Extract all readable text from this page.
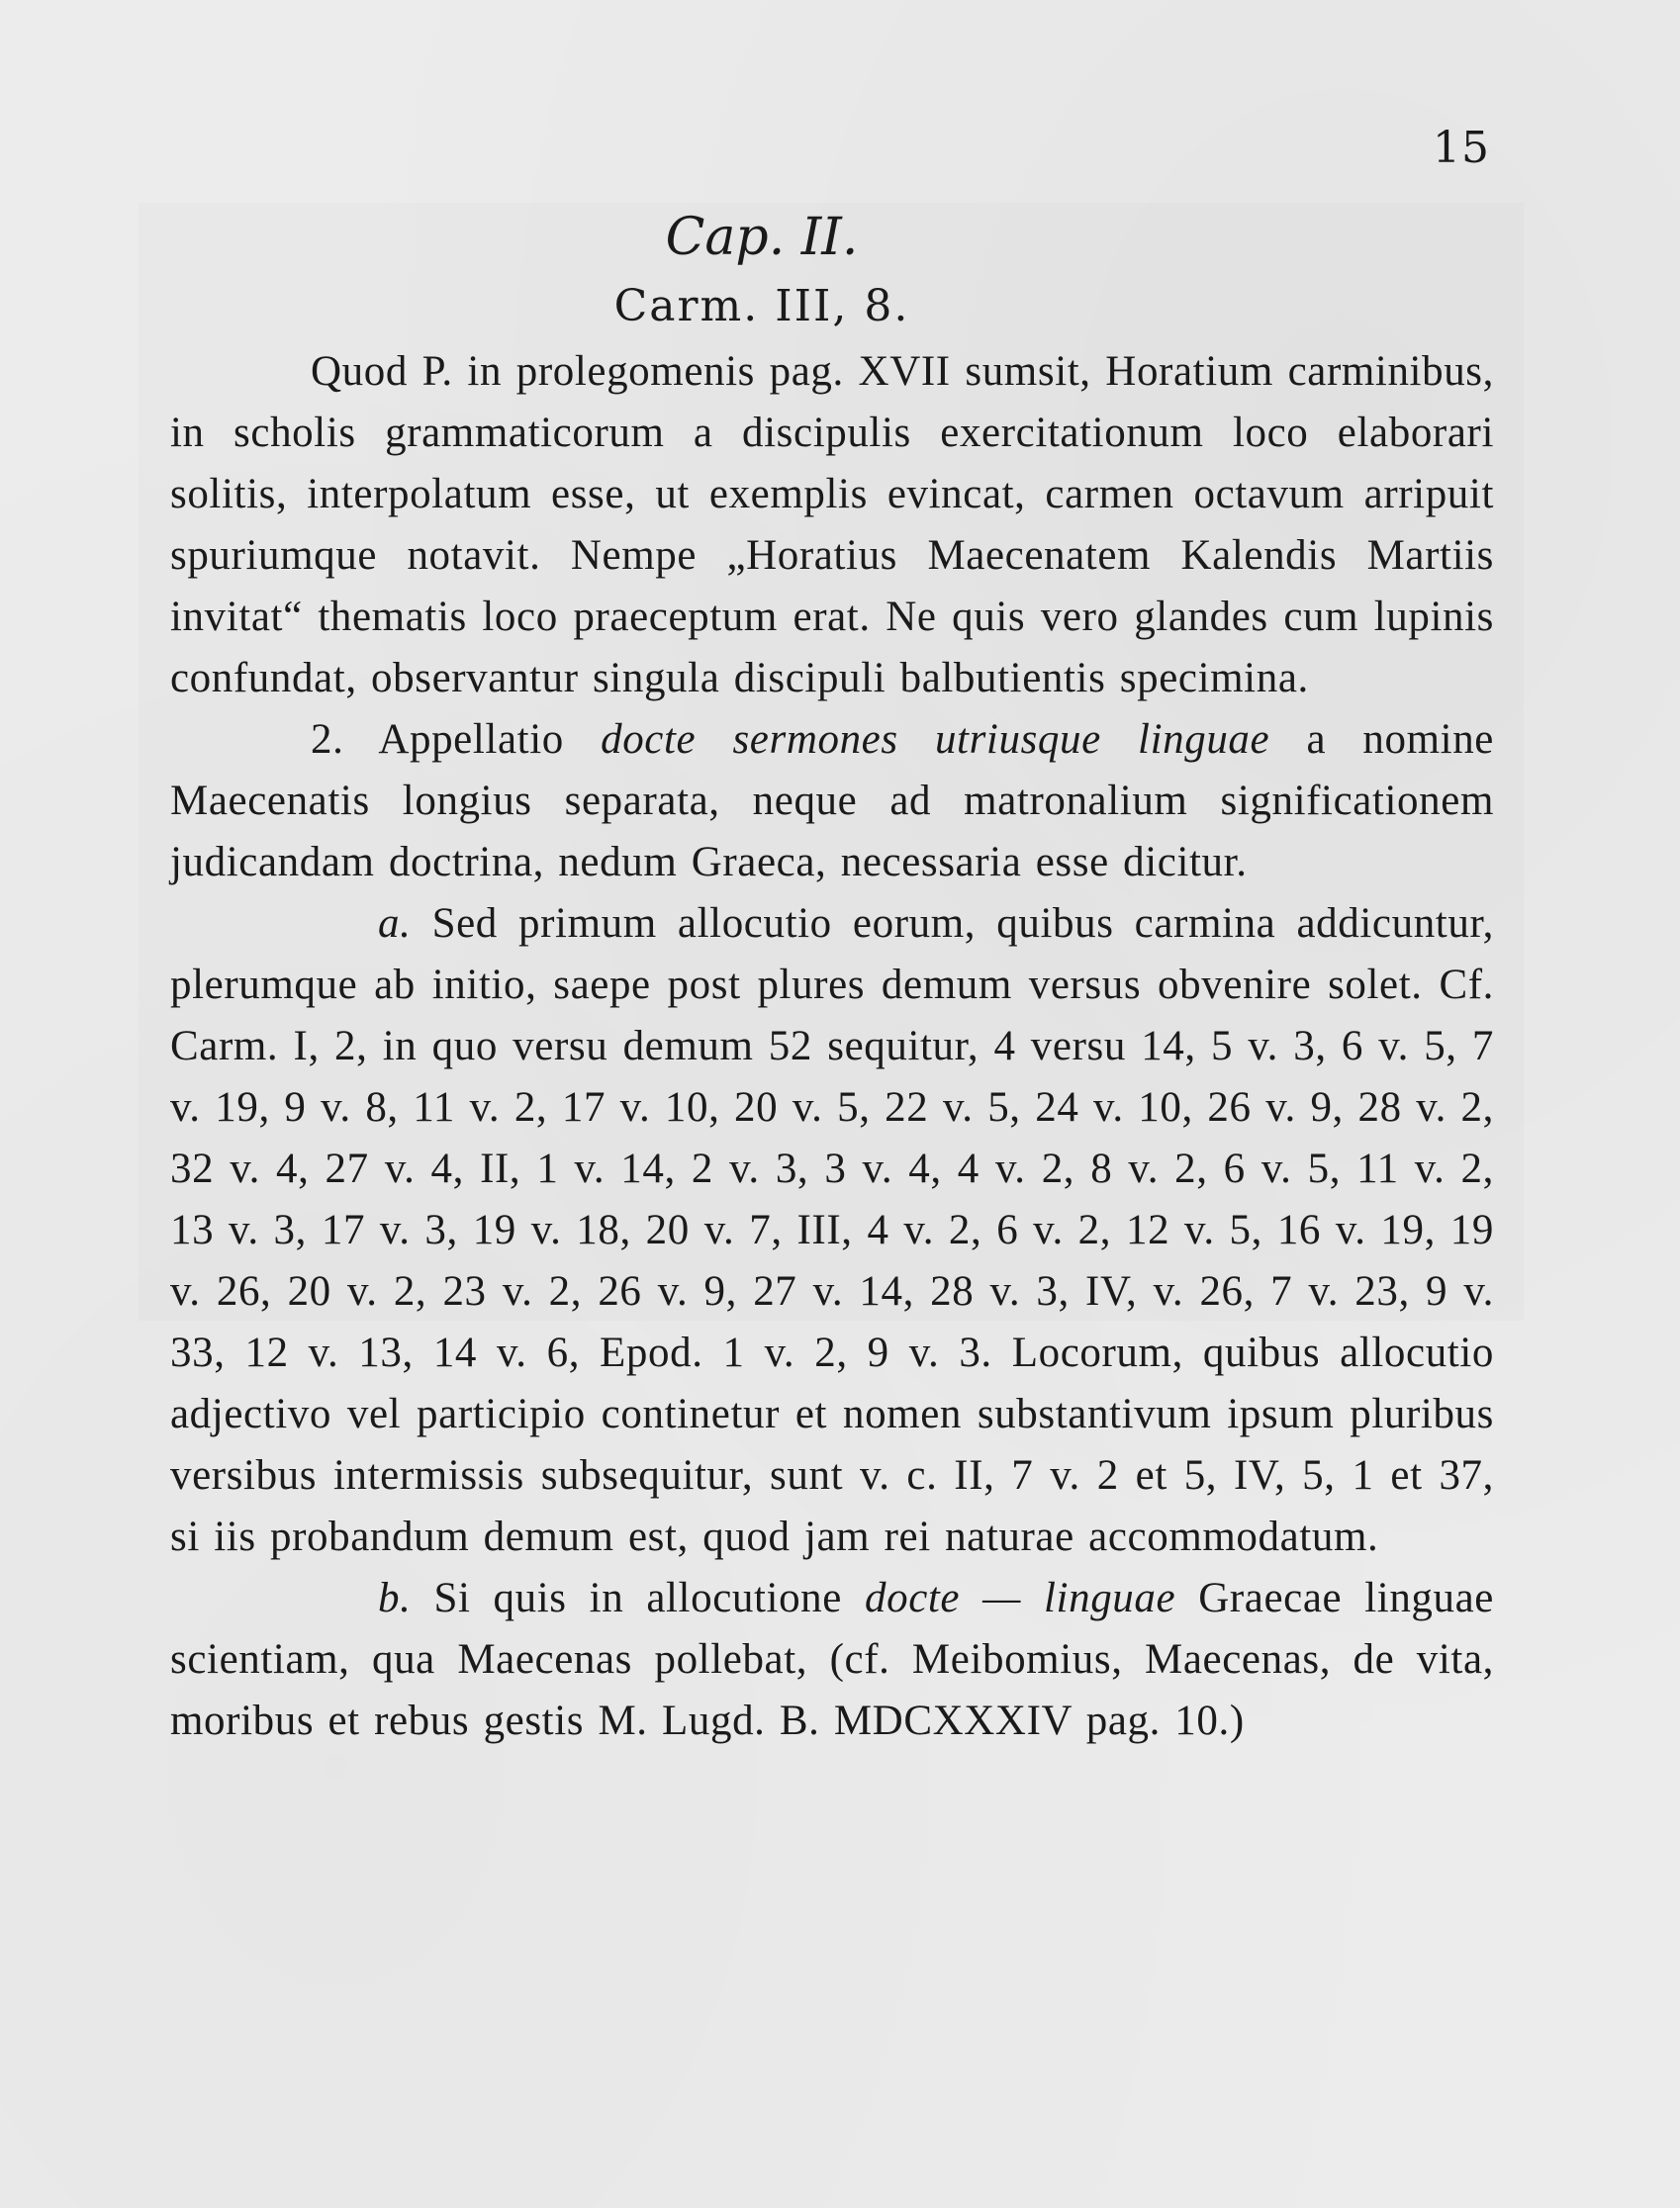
15
Cap. II.
Carm. III, 8.

Quod P. in prolegomenis pag. XVII sumsit, Horatium carminibus, in scholis grammaticorum a discipulis exercitationum loco elaborari solitis, interpolatum esse, ut exemplis evincat, carmen octavum arripuit spuriumque notavit. Nempe „Horatius Maecenatem Kalendis Martiis invitat“ thematis loco praeceptum erat. Ne quis vero glandes cum lupinis confundat, observantur singula discipuli balbutientis specimina.

2. Appellatio docte sermones utriusque linguae a nomine Maecenatis longius separata, neque ad matronalium significationem judicandam doctrina, nedum Graeca, necessaria esse dicitur.

a. Sed primum allocutio eorum, quibus carmina addicuntur, plerumque ab initio, saepe post plures demum versus obvenire solet. Cf. Carm. I, 2, in quo versu demum 52 sequitur, 4 versu 14, 5 v. 3, 6 v. 5, 7 v. 19, 9 v. 8, 11 v. 2, 17 v. 10, 20 v. 5, 22 v. 5, 24 v. 10, 26 v. 9, 28 v. 2, 32 v. 4, 27 v. 4, II, 1 v. 14, 2 v. 3, 3 v. 4, 4 v. 2, 8 v. 2, 6 v. 5, 11 v. 2, 13 v. 3, 17 v. 3, 19 v. 18, 20 v. 7, III, 4 v. 2, 6 v. 2, 12 v. 5, 16 v. 19, 19 v. 26, 20 v. 2, 23 v. 2, 26 v. 9, 27 v. 14, 28 v. 3, IV, v. 26, 7 v. 23, 9 v. 33, 12 v. 13, 14 v. 6, Epod. 1 v. 2, 9 v. 3. Locorum, quibus allocutio adjectivo vel participio continetur et nomen substantivum ipsum pluribus versibus intermissis subsequitur, sunt v. c. II, 7 v. 2 et 5, IV, 5, 1 et 37, si iis probandum demum est, quod jam rei naturae accommodatum.

b. Si quis in allocutione docte — linguae Graecae linguae scientiam, qua Maecenas pollebat, (cf. Meibomius, Maecenas, de vita, moribus et rebus gestis M. Lugd. B. MDCXXXIV pag. 10.)
